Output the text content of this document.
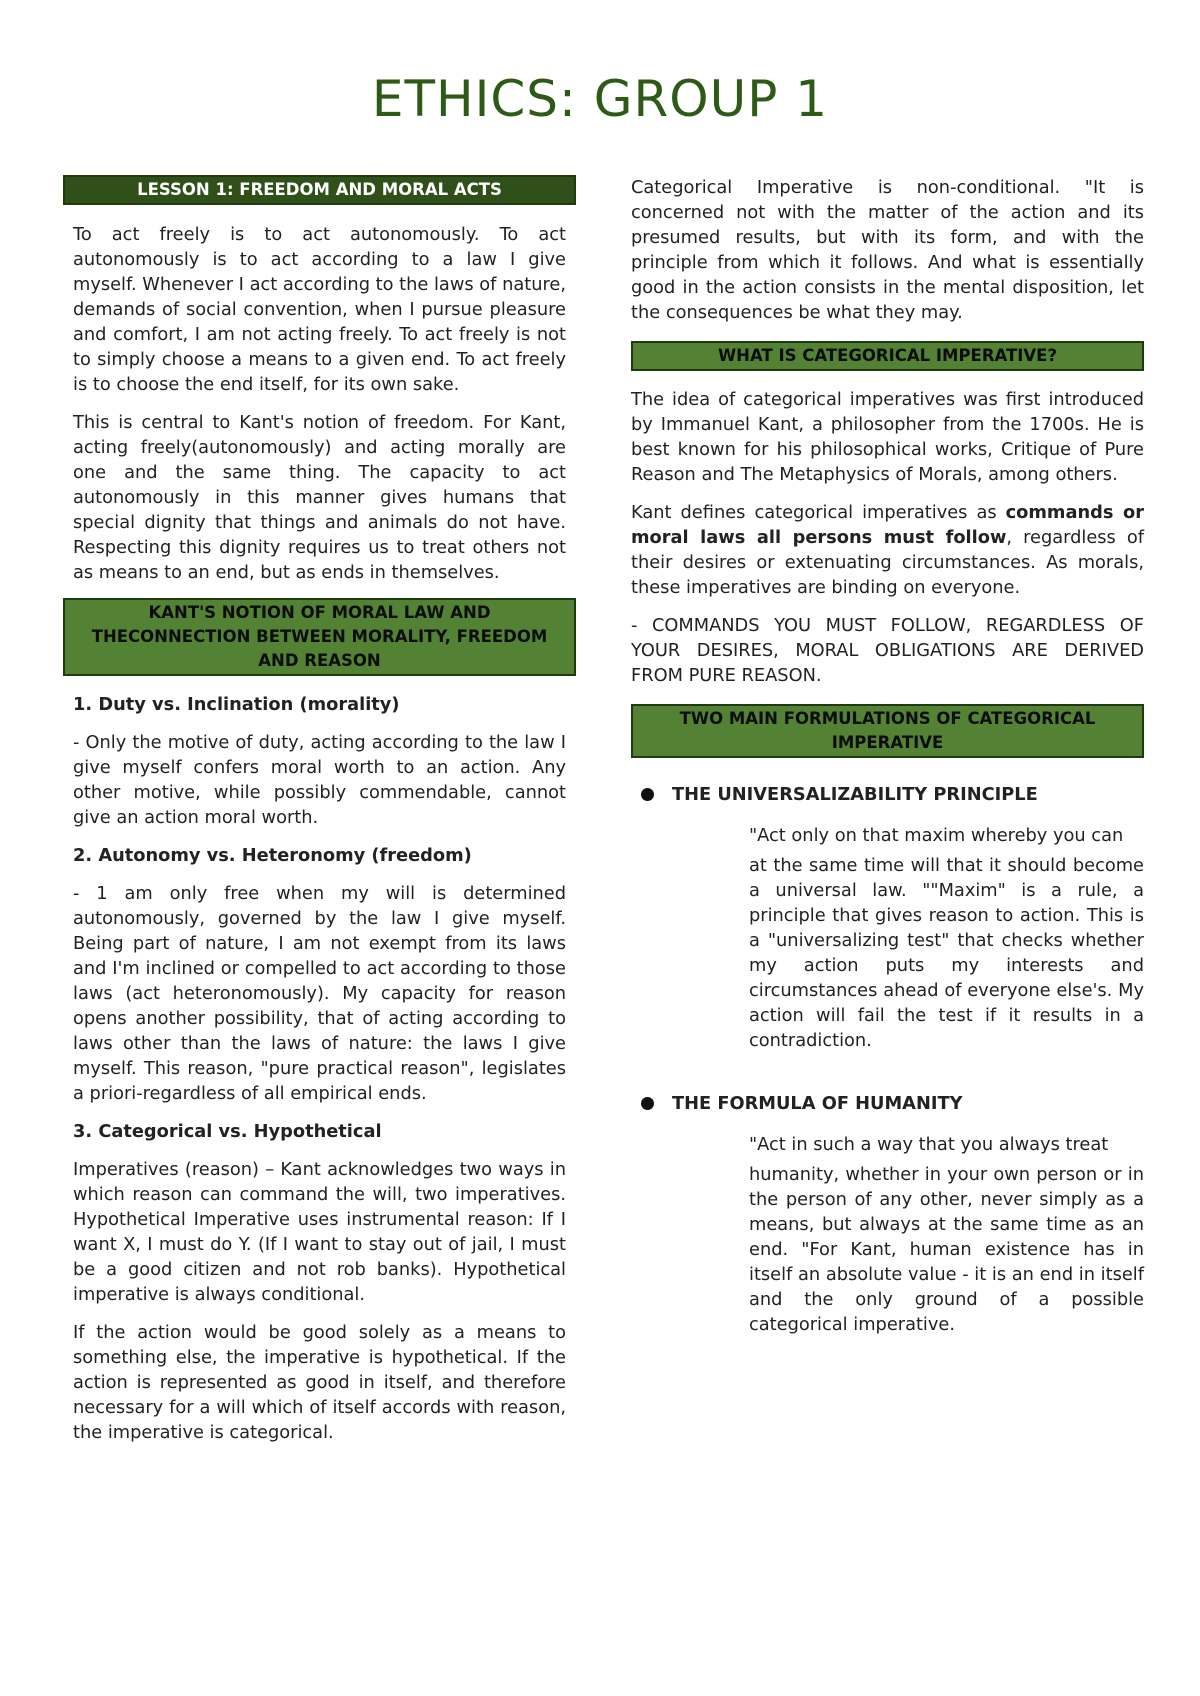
ETHICS: GROUP 1
LESSON 1: FREEDOM AND MORAL ACTS

To act freely is to act autonomously. To act autonomously is to act according to a law I give myself. Whenever I act according to the laws of nature, demands of social convention, when I pursue pleasure and comfort, I am not acting freely. To act freely is not to simply choose a means to a given end. To act freely is to choose the end itself, for its own sake.

This is central to Kant's notion of freedom. For Kant, acting freely(autonomously) and acting morally are one and the same thing. The capacity to act autonomously in this manner gives humans that special dignity that things and animals do not have. Respecting this dignity requires us to treat others not as means to an end, but as ends in themselves.

KANT'S NOTION OF MORAL LAW AND THECONNECTION BETWEEN MORALITY, FREEDOM AND REASON

1. Duty vs. Inclination (morality)

- Only the motive of duty, acting according to the law I give myself confers moral worth to an action. Any other motive, while possibly commendable, cannot give an action moral worth.

2. Autonomy vs. Heteronomy (freedom)

- 1 am only free when my will is determined autonomously, governed by the law I give myself. Being part of nature, I am not exempt from its laws and I'm inclined or compelled to act according to those laws (act heteronomously). My capacity for reason opens another possibility, that of acting according to laws other than the laws of nature: the laws I give myself. This reason, "pure practical reason", legislates a priori-regardless of all empirical ends.

3. Categorical vs. Hypothetical

Imperatives (reason) – Kant acknowledges two ways in which reason can command the will, two imperatives. Hypothetical Imperative uses instrumental reason: If I want X, I must do Y. (If I want to stay out of jail, I must be a good citizen and not rob banks). Hypothetical imperative is always conditional.

If the action would be good solely as a means to something else, the imperative is hypothetical. If the action is represented as good in itself, and therefore necessary for a will which of itself accords with reason, the imperative is categorical.

Categorical Imperative is non-conditional. "It is concerned not with the matter of the action and its presumed results, but with its form, and with the principle from which it follows. And what is essentially good in the action consists in the mental disposition, let the consequences be what they may.

WHAT IS CATEGORICAL IMPERATIVE?

The idea of categorical imperatives was first introduced by Immanuel Kant, a philosopher from the 1700s. He is best known for his philosophical works, Critique of Pure Reason and The Metaphysics of Morals, among others.

Kant defines categorical imperatives as commands or moral laws all persons must follow, regardless of their desires or extenuating circumstances. As morals, these imperatives are binding on everyone.

- COMMANDS YOU MUST FOLLOW, REGARDLESS OF YOUR DESIRES, MORAL OBLIGATIONS ARE DERIVED FROM PURE REASON.

TWO MAIN FORMULATIONS OF CATEGORICAL IMPERATIVE
THE UNIVERSALIZABILITY PRINCIPLE

"Act only on that maxim whereby you can

at the same time will that it should become a universal law. ""Maxim" is a rule, a principle that gives reason to action. This is a "universalizing test" that checks whether my action puts my interests and circumstances ahead of everyone else's. My action will fail the test if it results in a contradiction.

THE FORMULA OF HUMANITY

"Act in such a way that you always treat

humanity, whether in your own person or in the person of any other, never simply as a means, but always at the same time as an end. "For Kant, human existence has in itself an absolute value - it is an end in itself and the only ground of a possible categorical imperative.
